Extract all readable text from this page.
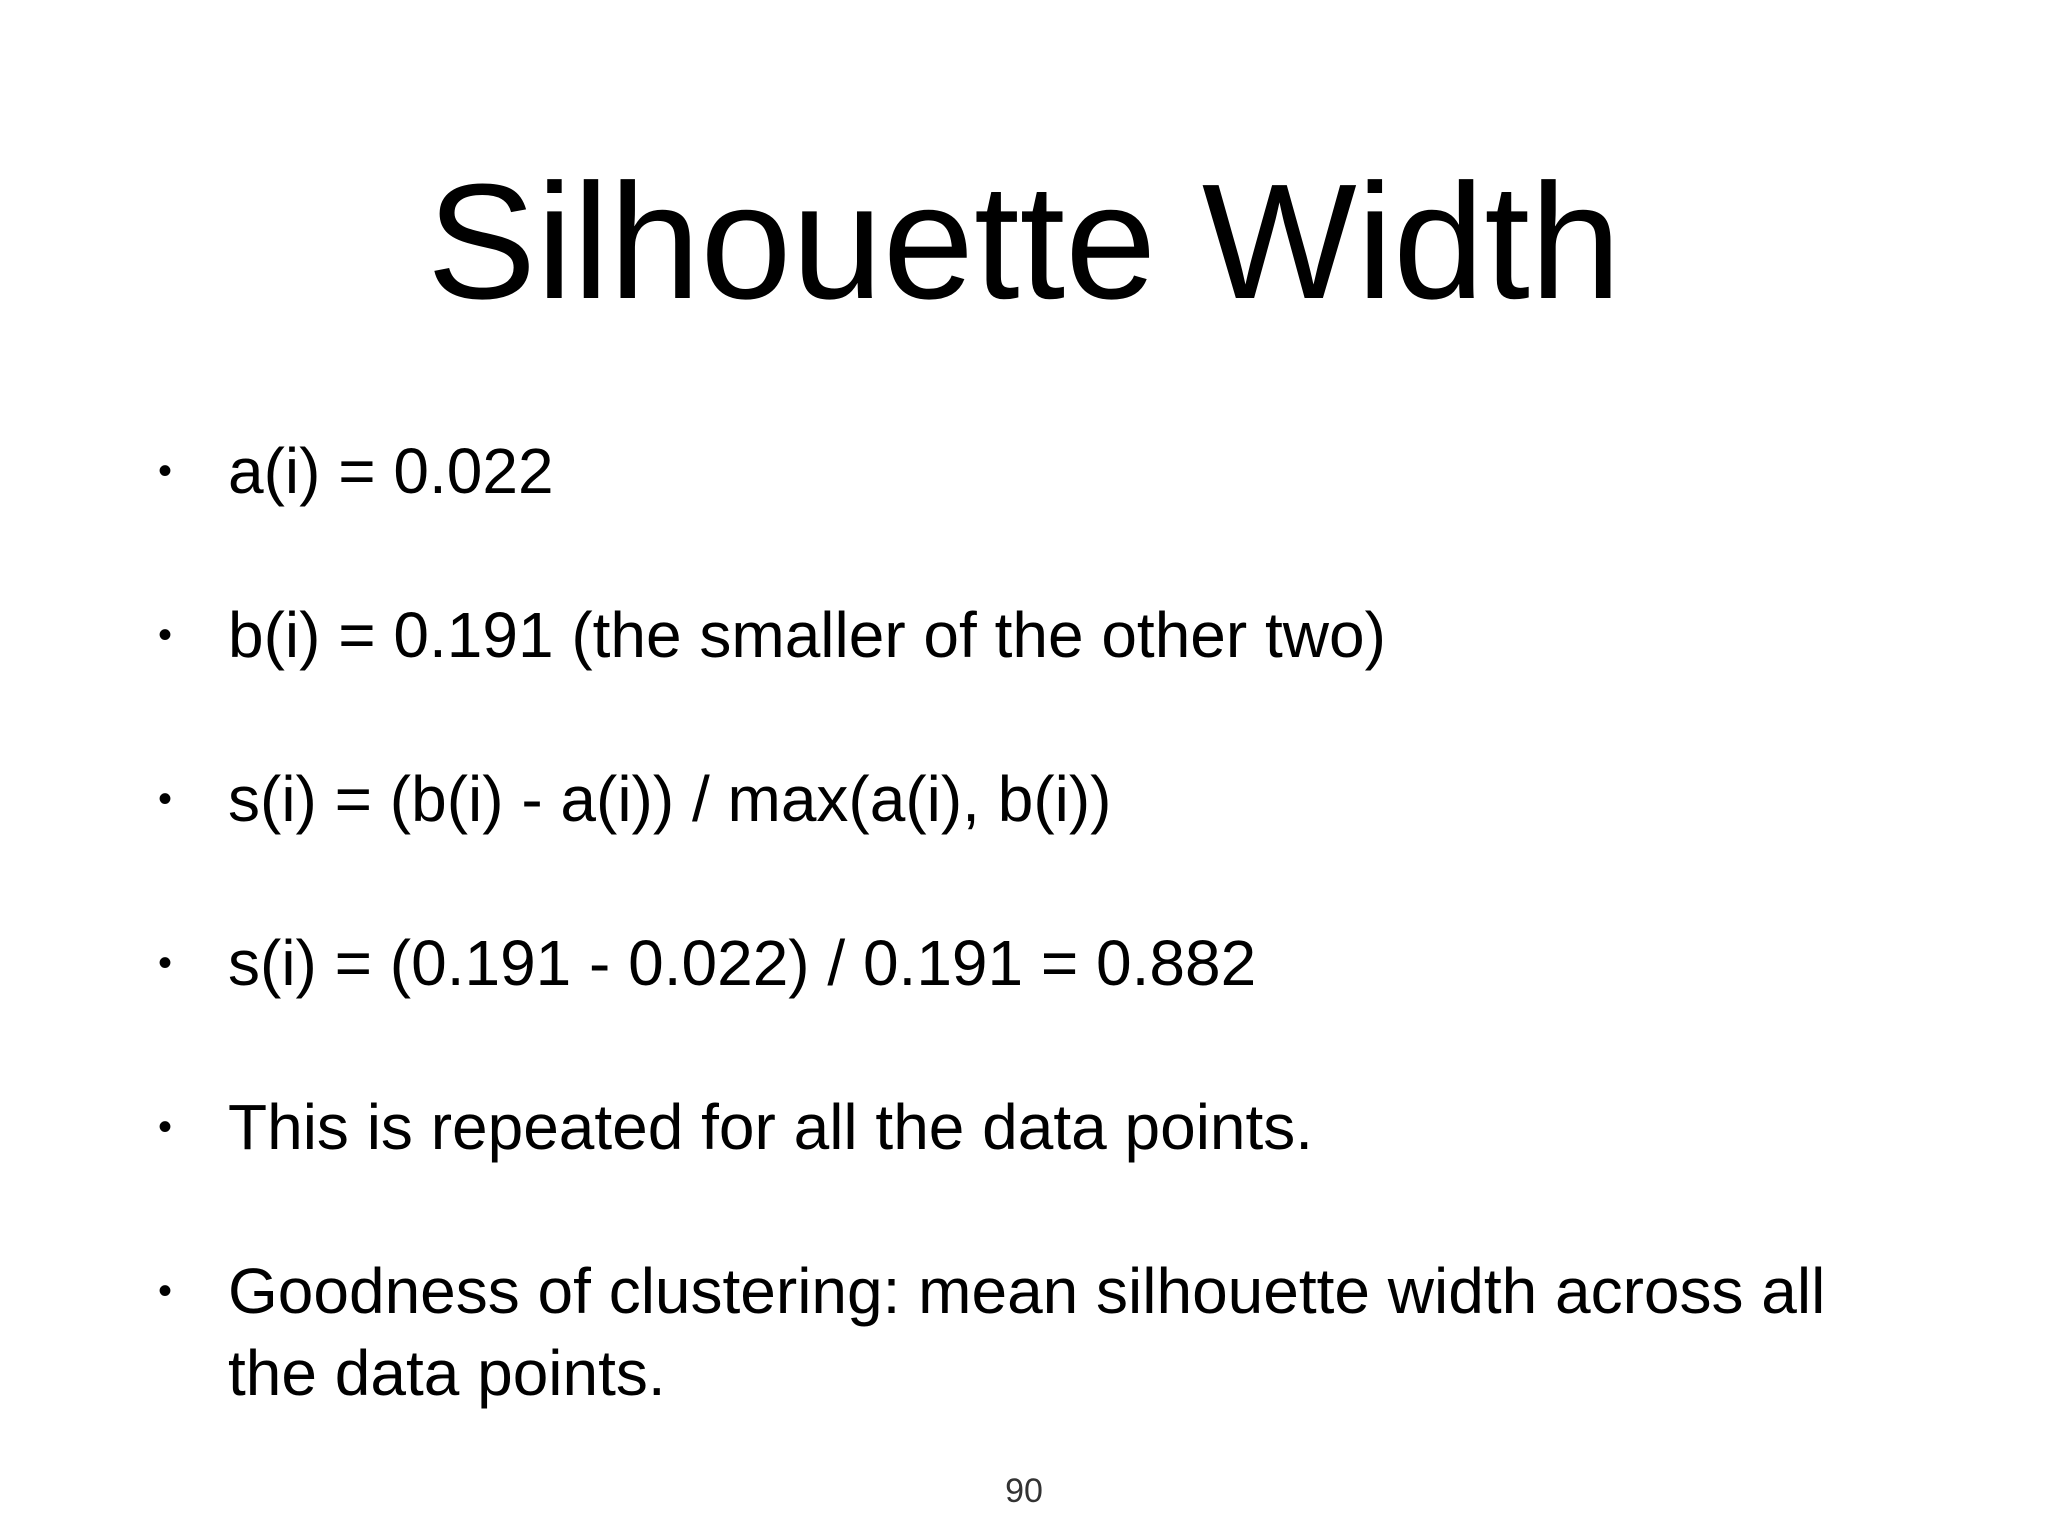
Silhouette Width
• a(i) = 0.022
• b(i) = 0.191 (the smaller of the other two)
• s(i) = (b(i) - a(i)) / max(a(i), b(i))
• s(i) = (0.191 - 0.022) / 0.191 = 0.882
• This is repeated for all the data points.
• Goodness of clustering: mean silhouette width across all the data points.
90
